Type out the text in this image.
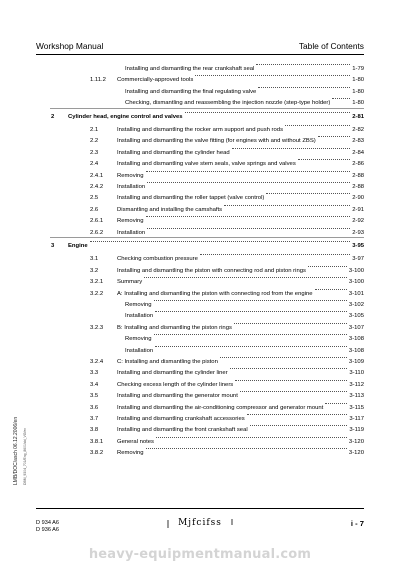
Workshop Manual	Table of Contents
Installing and dismantling the rear crankshaft seal	1-79
1.11.2 Commercially-approved tools	1-80
Installing and dismantling the final regulating valve	1-80
Checking, dismantling and reassembling the injection nozzle (step-type holder)	1-80
2 Cylinder head, engine control and valves	2-81
2.1	Installing and dismantling the rocker arm support and push rods	2-82
2.2	Installing and dismantling the valve fitting (for engines with and without ZBS)	2-83
2.3	Installing and dismantling the cylinder head	2-84
2.4	Installing and dismantling valve stem seals, valve springs and valves	2-86
2.4.1 Removing	2-88
2.4.2 Installation	2-88
2.5	Installing and dismantling the roller tappet (valve control)	2-90
2.6	Dismantling and installing the camshafts	2-91
2.6.1 Removing	2-92
2.6.2 Installation	2-93
3 Engine	3-95
3.1	Checking combustion pressure	3-97
3.2	Installing and dismantling the piston with connecting rod and piston rings	3-100
3.2.1 Summary	3-100
3.2.2 A: Installing and dismantling the piston with connecting rod from the engine	3-101
Removing	3-102
Installation	3-105
3.2.3 B: Installing and dismantling the piston rings	3-107
Removing	3-108
Installation	3-108
3.2.4 C: Installing and dismantling the piston	3-109
3.3	Installing and dismantling the cylinder liner	3-110
3.4	Checking excess length of the cylinder liners	3-112
3.5	Installing and dismantling the generator mount	3-113
3.6	Installing and dismantling the air-conditioning compressor and generator mount	3-115
3.7	Installing and dismantling crankshaft accessories	3-117
3.8	Installing and dismantling the front crankshaft seal	3-119
3.8.1 General notes	3-120
3.8.2 Removing	3-120
LMB/DOC/asch 06.12.2006/en DBM_9304_701/Eng_8601/dd_VG/en
D 934 A6
D 936 A6
Mjfcifss	i - 7
heavy-equipmentmanual.com
